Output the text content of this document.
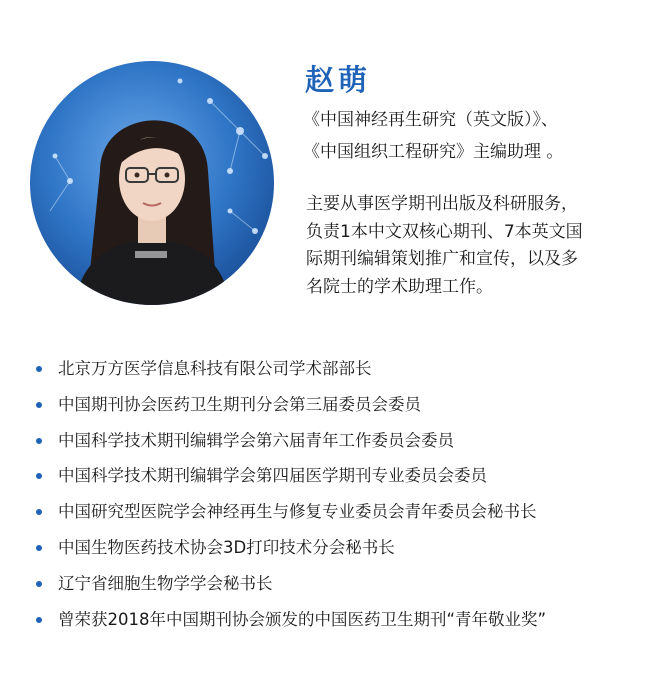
赵萌
《中国神经再生研究（英文版）》、
《中国组织工程研究》主编助理 。
主要从事医学期刊出版及科研服务，
负责1本中文双核心期刊、7本英文国
际期刊编辑策划推广和宣传，以及多
名院士的学术助理工作。
北京万方医学信息科技有限公司学术部部长
中国期刊协会医药卫生期刊分会第三届委员会委员
中国科学技术期刊编辑学会第六届青年工作委员会委员
中国科学技术期刊编辑学会第四届医学期刊专业委员会委员
中国研究型医院学会神经再生与修复专业委员会青年委员会秘书长
中国生物医药技术协会3D打印技术分会秘书长
辽宁省细胞生物学学会秘书长
曾荣获2018年中国期刊协会颁发的中国医药卫生期刊“青年敬业奖”
